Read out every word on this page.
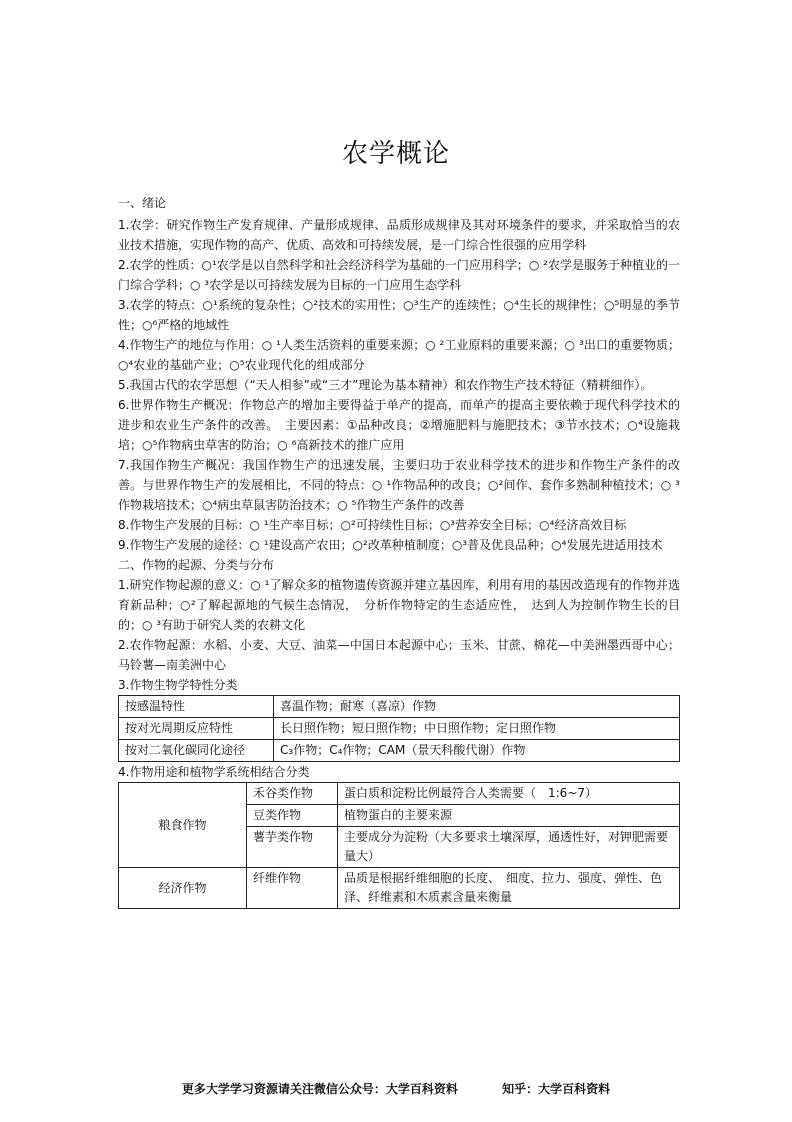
农学概论

一、绪论

1.农学：研究作物生产发育规律、产量形成规律、品质形成规律及其对环境条件的要求，并采取恰当的农业技术措施，实现作物的高产、优质、高效和可持续发展，是一门综合性很强的应用学科

2.农学的性质：○¹农学是以自然科学和社会经济科学为基础的一门应用科学；○ ²农学是服务于种植业的一门综合学科；○ ³农学是以可持续发展为目标的一门应用生态学科

3.农学的特点：○¹系统的复杂性；○²技术的实用性；○³生产的连续性；○⁴生长的规律性；○⁵明显的季节性；○⁶严格的地域性

4.作物生产的地位与作用：○ ¹人类生活资料的重要来源；○ ²工业原料的重要来源；○ ³出口的重要物质；○⁴农业的基础产业；○⁵农业现代化的组成部分

5.我国古代的农学思想（“天人相参”或“三才”理论为基本精神）和农作物生产技术特征（精耕细作）。

6.世界作物生产概况：作物总产的增加主要得益于单产的提高，而单产的提高主要依赖于现代科学技术的进步和农业生产条件的改善。　主要因素：①品种改良；②增施肥料与施肥技术；③节水技术；○⁴设施栽培；○⁵作物病虫草害的防治；○ ⁶高新技术的推广应用

7.我国作物生产概况：我国作物生产的迅速发展，主要归功于农业科学技术的进步和作物生产条件的改善。与世界作物生产的发展相比，不同的特点：○ ¹作物品种的改良；○²间作、套作多熟制种植技术；○ ³作物栽培技术；○⁴病虫草鼠害防治技术；○ ⁵作物生产条件的改善

8.作物生产发展的目标：○ ¹生产率目标；○²可持续性目标；○³营养安全目标；○⁴经济高效目标

9.作物生产发展的途径：○ ¹建设高产农田；○²改革种植制度；○³普及优良品种；○⁴发展先进适用技术

二、作物的起源、分类与分布

1.研究作物起源的意义：○ ¹了解众多的植物遗传资源并建立基因库，利用有用的基因改造现有的作物并选育新品种；○²了解起源地的气候生态情况，　分析作物特定的生态适应性，　达到人为控制作物生长的目的；○ ³有助于研究人类的农耕文化

2.农作物起源：水稻、小麦、大豆、油菜—中国日本起源中心；玉米、甘蔗、棉花—中美洲墨西哥中心；马铃薯—南美洲中心

3.作物生物学特性分类

按感温特性	喜温作物；耐寒（喜凉）作物
按对光周期反应特性	长日照作物；短日照作物；中日照作物；定日照作物
按对二氧化碳同化途径	C₃作物；C₄作物；CAM（景天科酸代谢）作物

4.作物用途和植物学系统相结合分类

粮食作物	禾谷类作物	蛋白质和淀粉比例最符合人类需要（　1:6~7）
	豆类作物	植物蛋白的主要来源
	薯芋类作物	主要成分为淀粉（大多要求土壤深厚，通透性好，对钾肥需要量大）
经济作物	纤维作物	品质是根据纤维细胞的长度、　细度、拉力、强度、弹性、色泽、纤维素和木质素含量来衡量
更多大学学习资源请关注微信公众号：大学百科资料	知乎：大学百科资料
